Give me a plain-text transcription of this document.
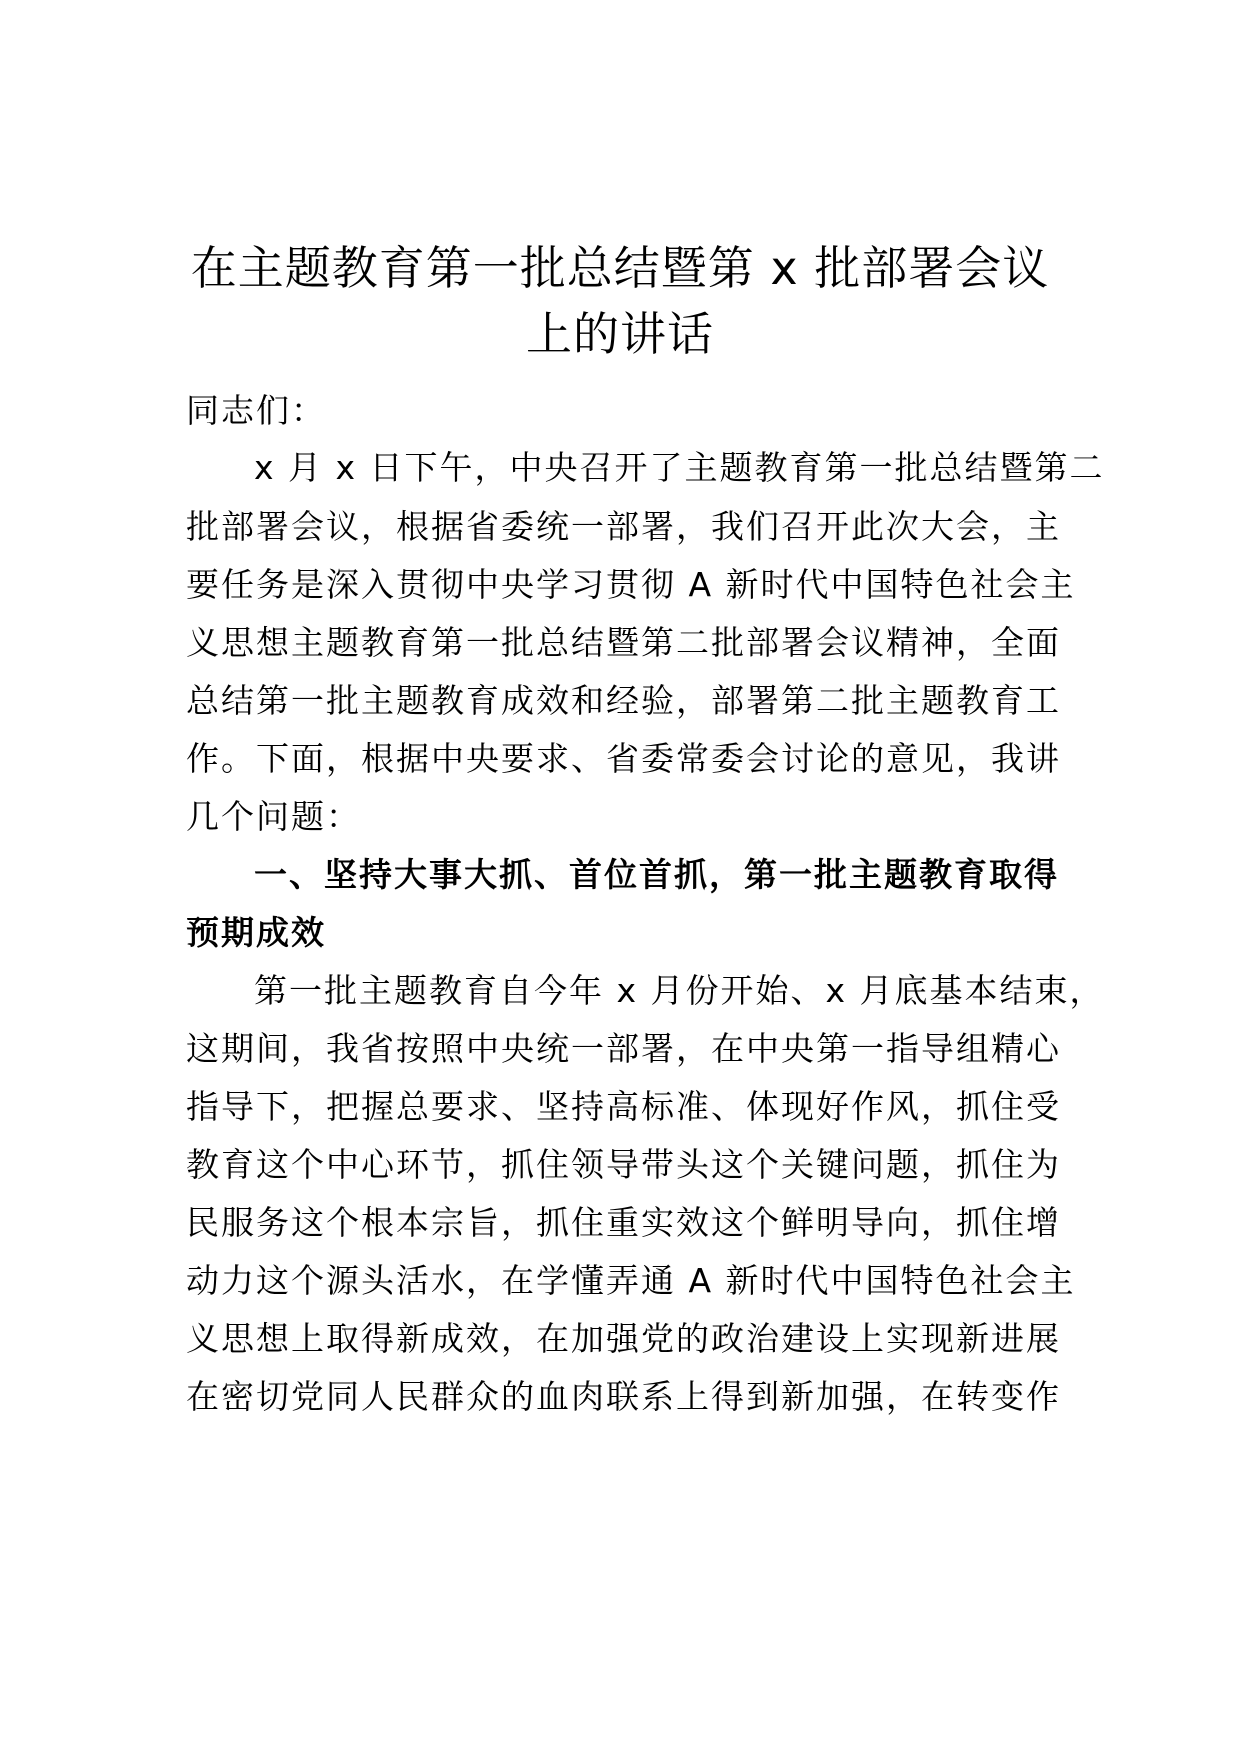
在主题教育第一批总结暨第 x 批部署会议
上的讲话
同志们：
x 月 x 日下午，中央召开了主题教育第一批总结暨第二
批部署会议，根据省委统一部署，我们召开此次大会，主
要任务是深入贯彻中央学习贯彻 A 新时代中国特色社会主
义思想主题教育第一批总结暨第二批部署会议精神，全面
总结第一批主题教育成效和经验，部署第二批主题教育工
作。下面，根据中央要求、省委常委会讨论的意见，我讲
几个问题：
一、坚持大事大抓、首位首抓，第一批主题教育取得
预期成效
第一批主题教育自今年 x 月份开始、x 月底基本结束，
这期间，我省按照中央统一部署，在中央第一指导组精心
指导下，把握总要求、坚持高标准、体现好作风，抓住受
教育这个中心环节，抓住领导带头这个关键问题，抓住为
民服务这个根本宗旨，抓住重实效这个鲜明导向，抓住增
动力这个源头活水，在学懂弄通 A 新时代中国特色社会主
义思想上取得新成效，在加强党的政治建设上实现新进展
在密切党同人民群众的血肉联系上得到新加强，在转变作
